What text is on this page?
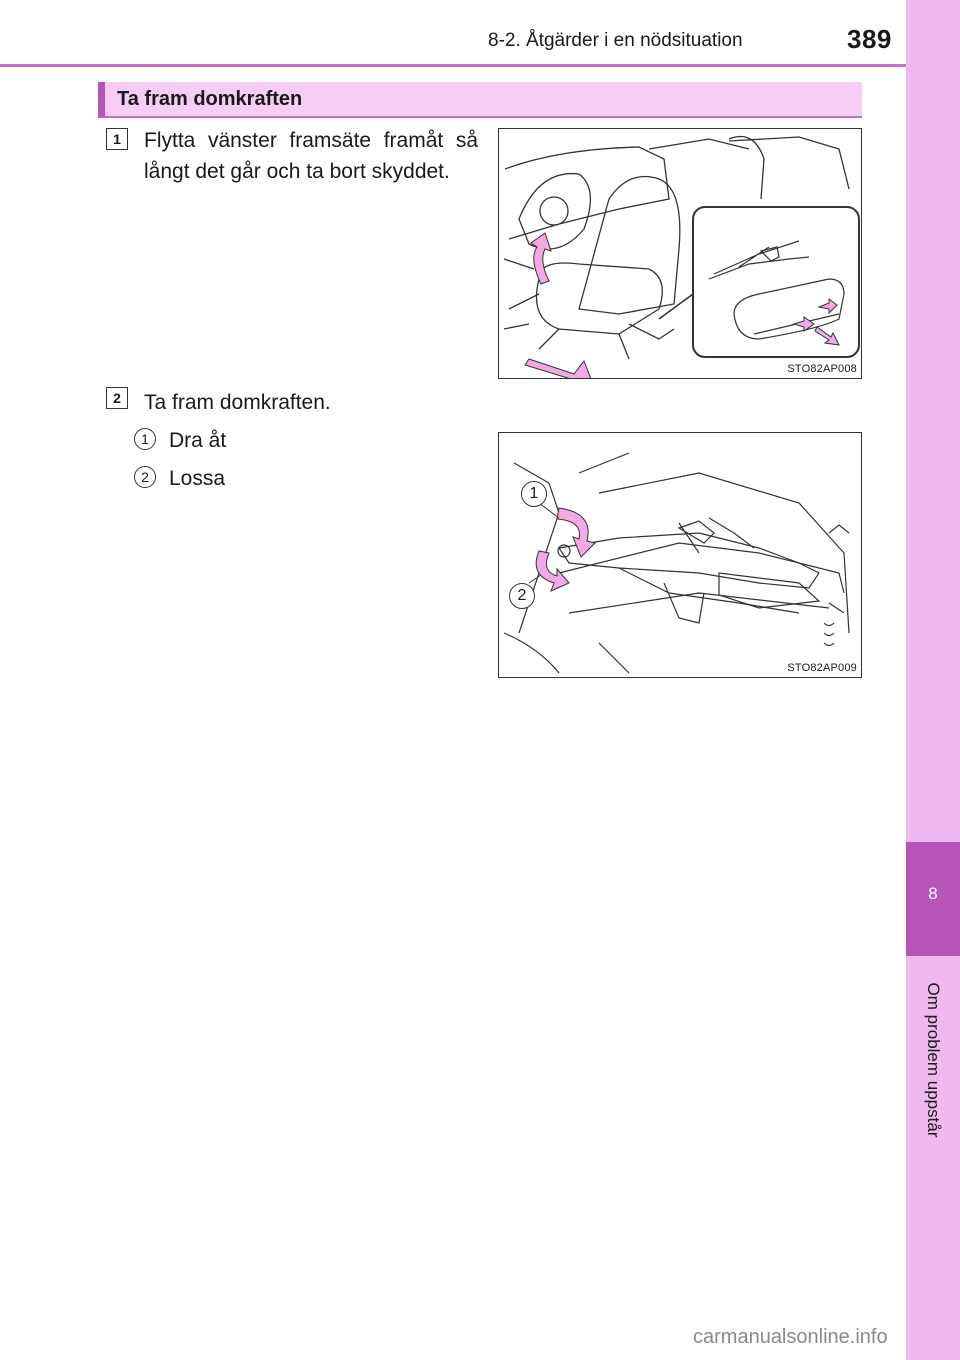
8-2. Åtgärder i en nödsituation	389
8
Om problem uppstår
Ta fram domkraften
1	Flytta vänster framsäte framåt så långt det går och ta bort skyddet.
STO82AP008
2	Ta fram domkraften.
1 Dra åt
2 Lossa
1
2
STO82AP009
carmanualsonline.info
